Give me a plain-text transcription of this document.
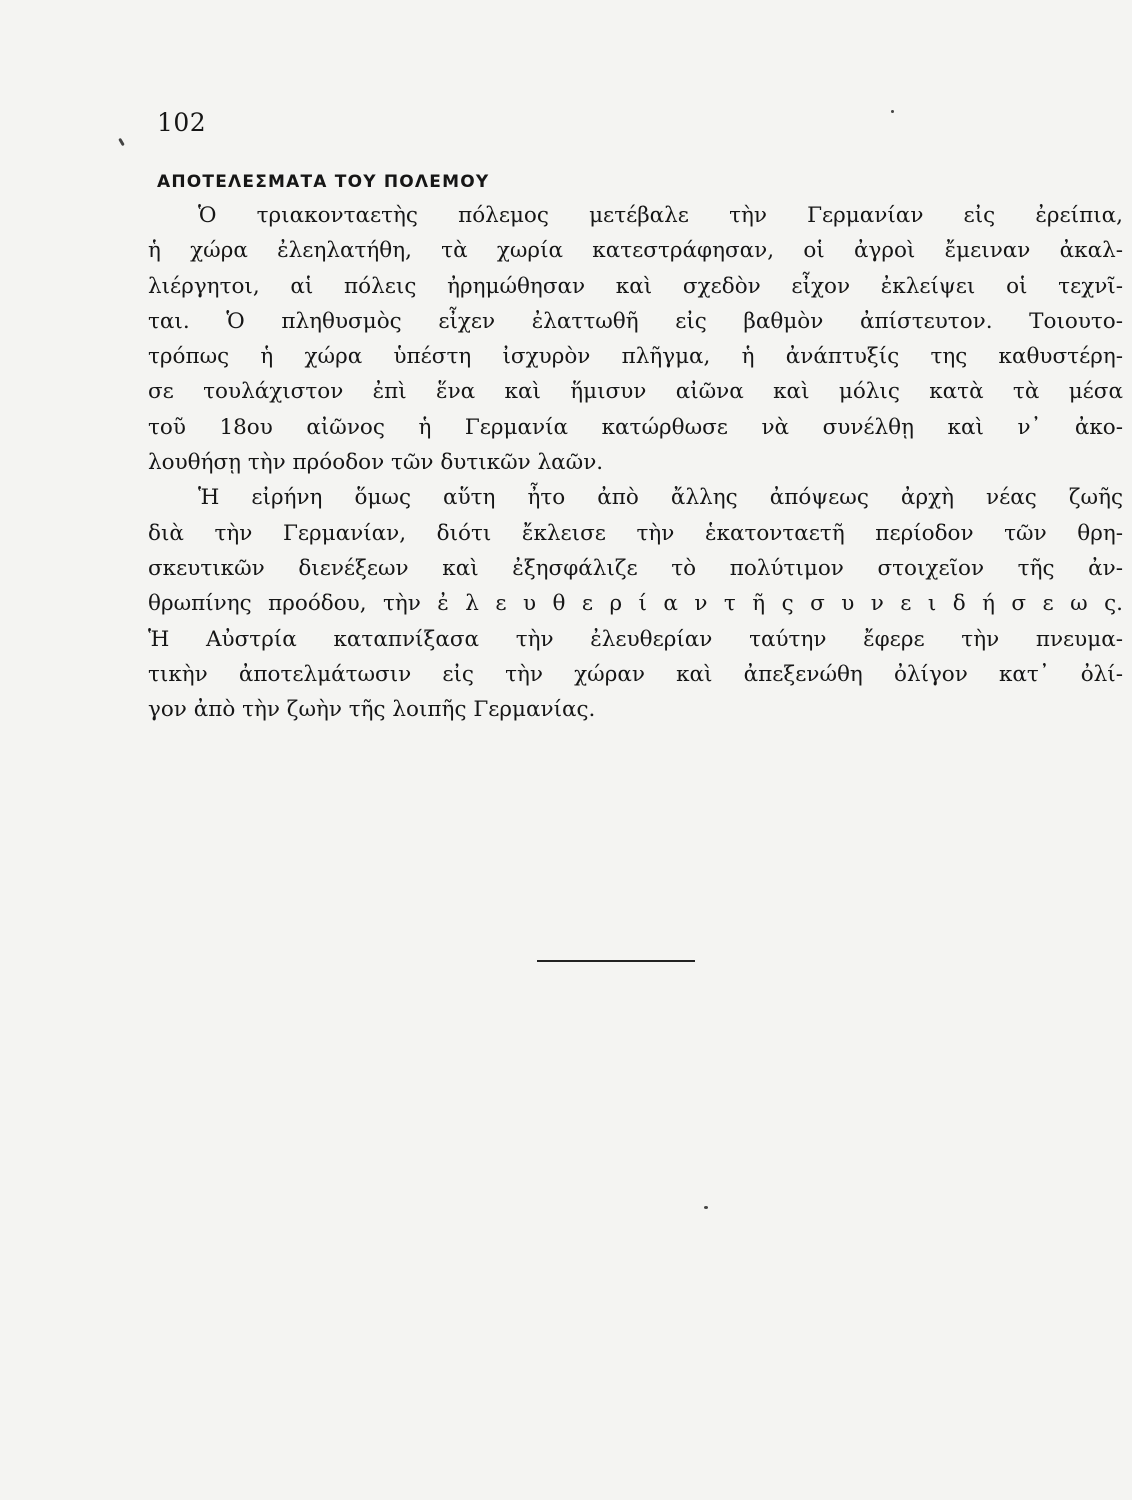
102
ΑΠΟΤΕΛΕΣΜΑΤΑ ΤΟΥ ΠΟΛΕΜΟΥ
Ὁ τριακονταετὴς πόλεμος μετέβαλε τὴν Γερμανίαν εἰς ἐρείπια,
ἡ χώρα ἐλεηλατήθη, τὰ χωρία κατεστράφησαν, οἱ ἀγροὶ ἔμειναν ἀκαλ-
λιέργητοι, αἱ πόλεις ἠρημώθησαν καὶ σχεδὸν εἶχον ἐκλείψει οἱ τεχνῖ-
ται. Ὁ πληθυσμὸς εἶχεν ἐλαττωθῆ εἰς βαθμὸν ἀπίστευτον. Τοιουτο-
τρόπως ἡ χώρα ὑπέστη ἰσχυρὸν πλῆγμα, ἡ ἀνάπτυξίς της καθυστέρη-
σε τουλάχιστον ἐπὶ ἕνα καὶ ἥμισυν αἰῶνα καὶ μόλις κατὰ τὰ μέσα
τοῦ 18ου αἰῶνος ἡ Γερμανία κατώρθωσε νὰ συνέλθῃ καὶ ν᾿ ἀκο-
λουθήσῃ τὴν πρόοδον τῶν δυτικῶν λαῶν.
Ἡ εἰρήνη ὅμως αὕτη ἦτο ἀπὸ ἄλλης ἀπόψεως ἀρχὴ νέας ζωῆς
διὰ τὴν Γερμανίαν, διότι ἔκλεισε τὴν ἑκατονταετῆ περίοδον τῶν θρη-
σκευτικῶν διενέξεων καὶ ἐξησφάλιζε τὸ πολύτιμον στοιχεῖον τῆς ἀν-
θρωπίνης προόδου, τὴν ἐ λ ε υ θ ε ρ ί α ν τ ῆ ς σ υ ν ε ι δ ή σ ε ω ς.
Ἡ Αὐστρία καταπνίξασα τὴν ἐλευθερίαν ταύτην ἔφερε τὴν πνευμα-
τικὴν ἀποτελμάτωσιν εἰς τὴν χώραν καὶ ἀπεξενώθη ὀλίγον κατ᾿ ὀλί-
γον ἀπὸ τὴν ζωὴν τῆς λοιπῆς Γερμανίας.
